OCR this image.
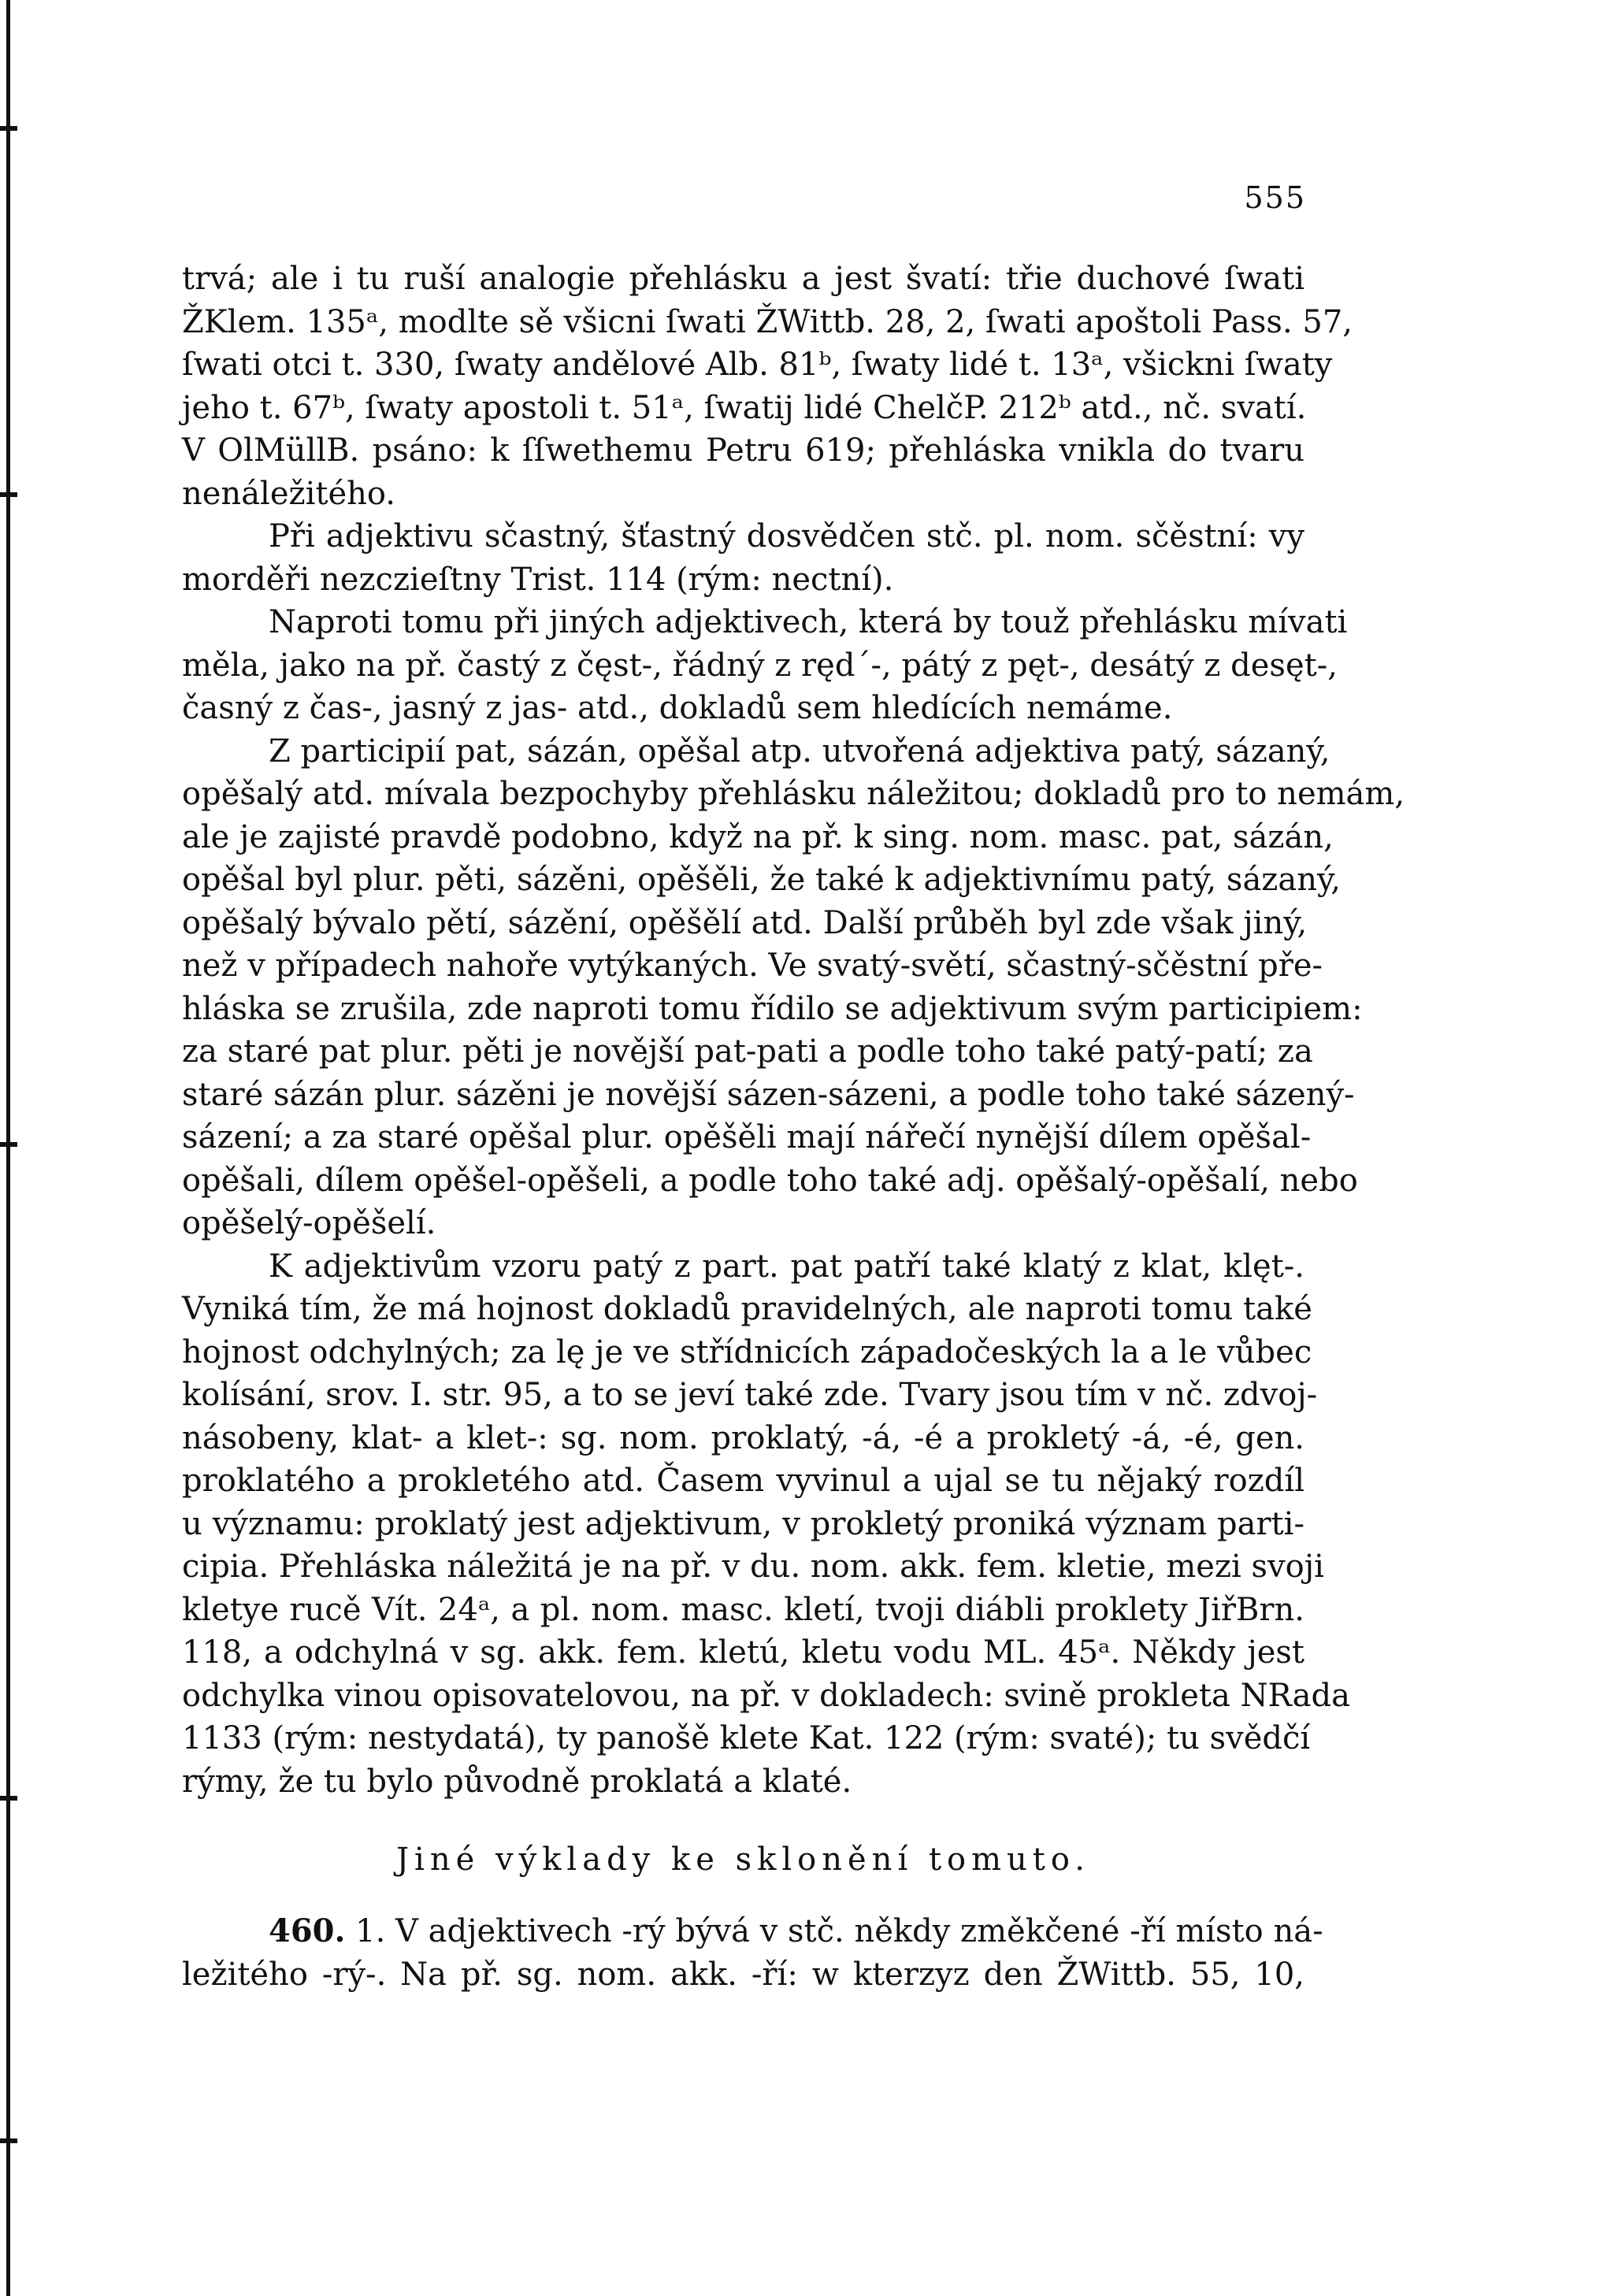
555
trvá; ale i tu ruší analogie přehlásku a jest švatí: třie duchové ſwati
ŽKlem. 135ᵃ, modlte sě všicni ſwati ŽWittb. 28, 2, ſwati apoštoli Pass. 57,
ſwati otci t. 330, ſwaty andělové Alb. 81ᵇ, ſwaty lidé t. 13ᵃ, všickni ſwaty
jeho t. 67ᵇ, ſwaty apostoli t. 51ᵃ, ſwatij lidé ChelčP. 212ᵇ atd., nč. svatí.
V OlMüllB. psáno: k ſſwethemu Petru 619; přehláska vnikla do tvaru
nenáležitého.
Při adjektivu sčastný, šťastný dosvědčen stč. pl. nom. sčěstní: vy
morděři nezczieſtny Trist. 114 (rým: nectní).
Naproti tomu při jiných adjektivech, která by touž přehlásku mívati
měla, jako na př. častý z čęst-, řádný z rędˊ-, pátý z pęt-, desátý z desęt-,
časný z čas-, jasný z jas- atd., dokladů sem hledících nemáme.
Z participií pat, sázán, opěšal atp. utvořená adjektiva patý, sázaný,
opěšalý atd. mívala bezpochyby přehlásku náležitou; dokladů pro to nemám,
ale je zajisté pravdě podobno, když na př. k sing. nom. masc. pat, sázán,
opěšal byl plur. pěti, sázěni, opěšěli, že také k adjektivnímu patý, sázaný,
opěšalý bývalo pětí, sázění, opěšělí atd. Další průběh byl zde však jiný,
než v případech nahoře vytýkaných. Ve svatý-světí, sčastný-sčěstní pře-
hláska se zrušila, zde naproti tomu řídilo se adjektivum svým participiem:
za staré pat plur. pěti je novější pat-pati a podle toho také patý-patí; za
staré sázán plur. sázěni je novější sázen-sázeni, a podle toho také sázený-
sázení; a za staré opěšal plur. opěšěli mají nářečí nynější dílem opěšal-
opěšali, dílem opěšel-opěšeli, a podle toho také adj. opěšalý-opěšalí, nebo
opěšelý-opěšelí.
K adjektivům vzoru patý z part. pat patří také klatý z klat, klęt-.
Vyniká tím, že má hojnost dokladů pravidelných, ale naproti tomu také
hojnost odchylných; za lę je ve střídnicích západočeských la a le vůbec
kolísání, srov. I. str. 95, a to se jeví také zde. Tvary jsou tím v nč. zdvoj-
násobeny, klat- a klet-: sg. nom. proklatý, -á, -é a prokletý -á, -é, gen.
proklatého a prokletého atd. Časem vyvinul a ujal se tu nějaký rozdíl
u významu: proklatý jest adjektivum, v prokletý proniká význam parti-
cipia. Přehláska náležitá je na př. v du. nom. akk. fem. kletie, mezi svoji
kletye rucě Vít. 24ᵃ, a pl. nom. masc. kletí, tvoji diábli proklety JiřBrn.
118, a odchylná v sg. akk. fem. kletú, kletu vodu ML. 45ᵃ. Někdy jest
odchylka vinou opisovatelovou, na př. v dokladech: svině prokleta NRada
1133 (rým: nestydatá), ty panošě klete Kat. 122 (rým: svaté); tu svědčí
rýmy, že tu bylo původně proklatá a klaté.
Jiné výklady ke sklonění tomuto.
460. 1. V adjektivech -rý bývá v stč. někdy změkčené -ří místo ná-
ležitého -rý-. Na př. sg. nom. akk. -ří: w kterzyz den ŽWittb. 55, 10,
